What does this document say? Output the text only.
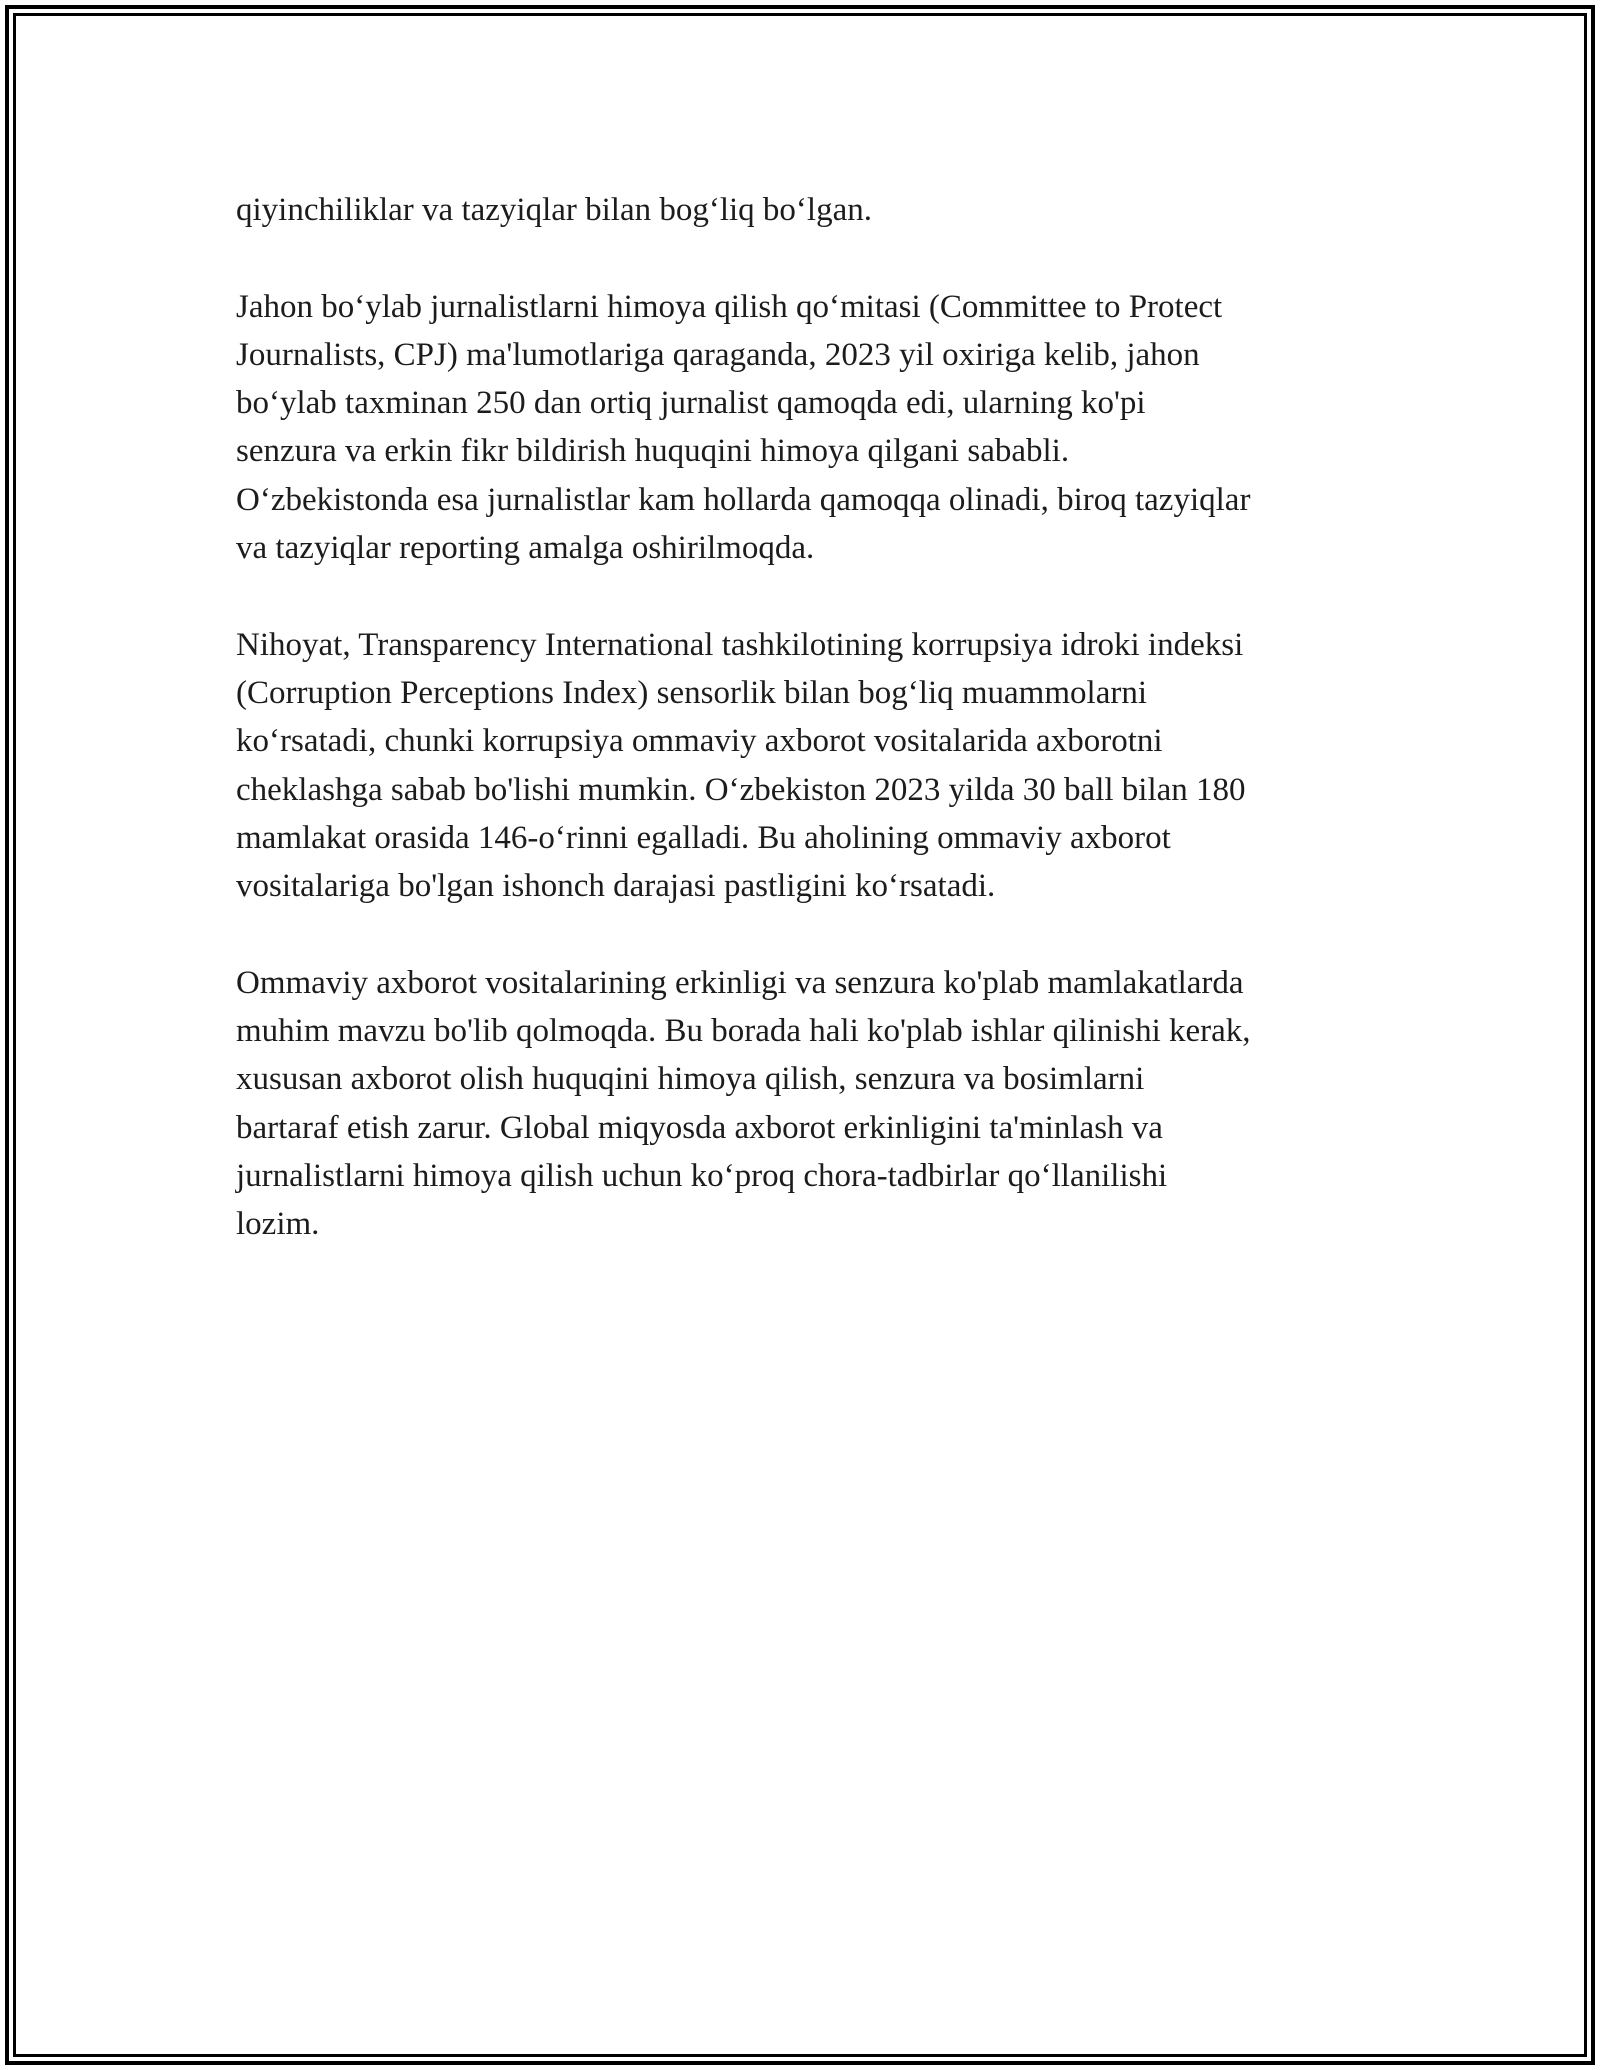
qiyinchiliklar va tazyiqlar bilan bog‘liq bo‘lgan.

Jahon bo‘ylab jurnalistlarni himoya qilish qo‘mitasi (Committee to Protect
Journalists, CPJ) ma'lumotlariga qaraganda, 2023 yil oxiriga kelib, jahon
bo‘ylab taxminan 250 dan ortiq jurnalist qamoqda edi, ularning ko'pi
senzura va erkin fikr bildirish huquqini himoya qilgani sababli.
O‘zbekistonda esa jurnalistlar kam hollarda qamoqqa olinadi, biroq tazyiqlar
va tazyiqlar reporting amalga oshirilmoqda.

Nihoyat, Transparency International tashkilotining korrupsiya idroki indeksi
(Corruption Perceptions Index) sensorlik bilan bog‘liq muammolarni
ko‘rsatadi, chunki korrupsiya ommaviy axborot vositalarida axborotni
cheklashga sabab bo'lishi mumkin. O‘zbekiston 2023 yilda 30 ball bilan 180
mamlakat orasida 146-o‘rinni egalladi. Bu aholining ommaviy axborot
vositalariga bo'lgan ishonch darajasi pastligini ko‘rsatadi.

Ommaviy axborot vositalarining erkinligi va senzura ko'plab mamlakatlarda
muhim mavzu bo'lib qolmoqda. Bu borada hali ko'plab ishlar qilinishi kerak,
xususan axborot olish huquqini himoya qilish, senzura va bosimlarni
bartaraf etish zarur. Global miqyosda axborot erkinligini ta'minlash va
jurnalistlarni himoya qilish uchun ko‘proq chora-tadbirlar qo‘llanilishi
lozim.
